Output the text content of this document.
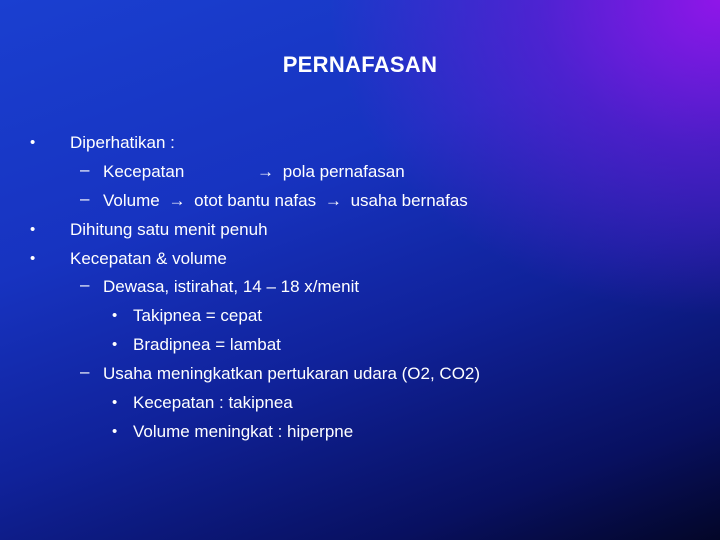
PERNAFASAN
• Diperhatikan :
– Kecepatan	→ pola pernafasan
– Volume → otot bantu nafas → usaha bernafas
• Dihitung satu menit penuh
• Kecepatan & volume
– Dewasa, istirahat, 14 – 18 x/menit
• Takipnea = cepat
• Bradipnea = lambat
– Usaha meningkatkan pertukaran udara (O2, CO2)
• Kecepatan : takipnea
• Volume meningkat : hiperpne
